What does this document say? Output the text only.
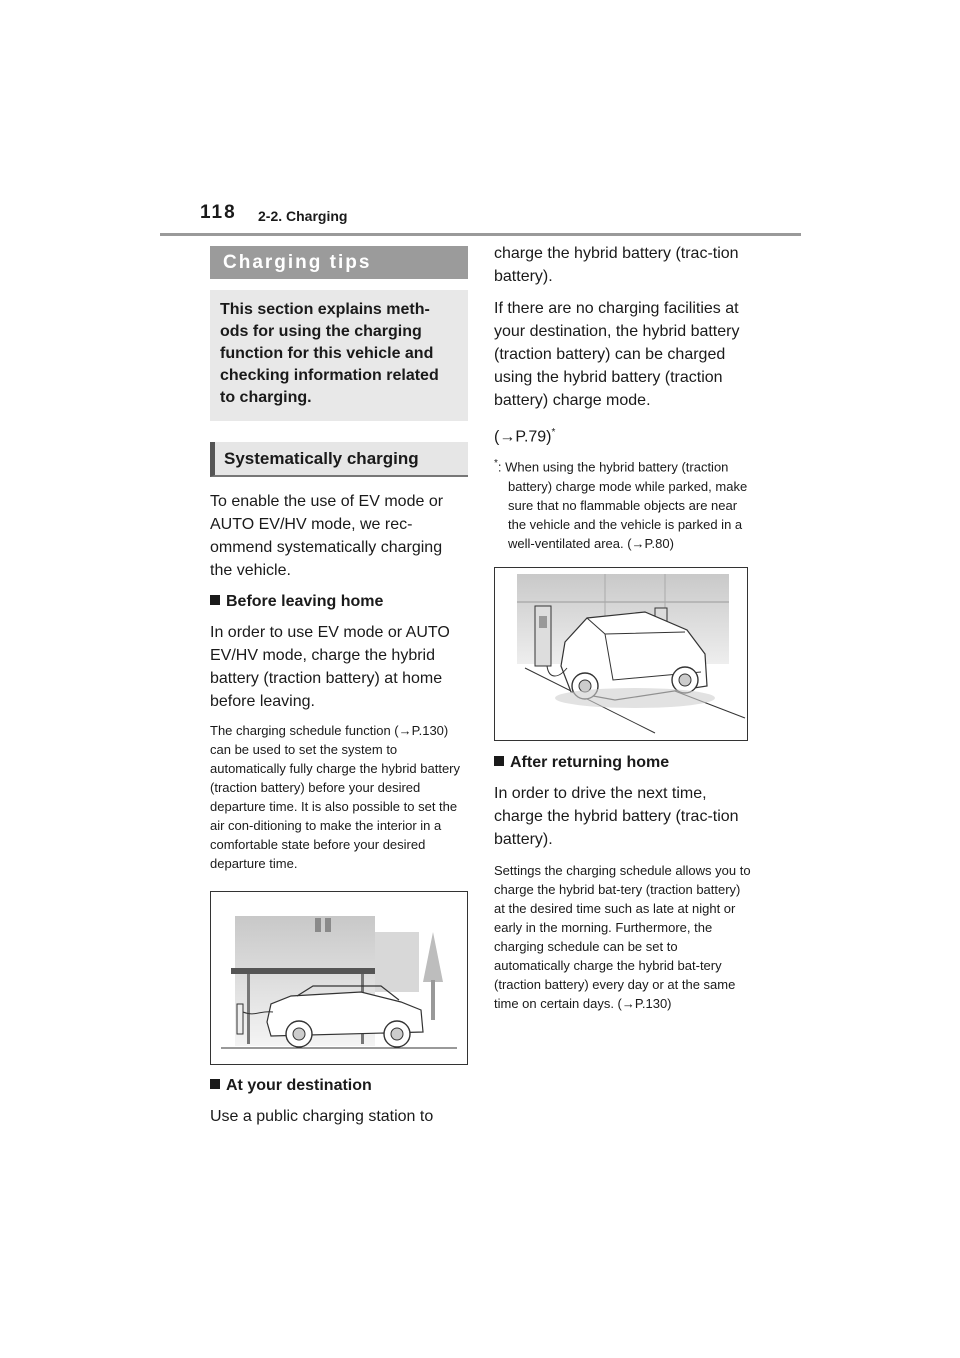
118 2-2. Charging
Charging tips
This section explains meth-ods for using the charging function for this vehicle and checking information related to charging.
Systematically charging

To enable the use of EV mode or AUTO EV/HV mode, we rec-ommend systematically charging the vehicle.

Before leaving home

In order to use EV mode or AUTO EV/HV mode, charge the hybrid battery (traction battery) at home before leaving.

The charging schedule function (→P.130) can be used to set the system to automatically fully charge the hybrid battery (traction battery) before your desired departure time. It is also possible to set the air con-ditioning to make the interior in a comfortable state before your desired departure time.

At your destination

Use a public charging station to

charge the hybrid battery (trac-tion battery).

If there are no charging facilities at your destination, the hybrid battery (traction battery) can be charged using the hybrid battery (traction battery) charge mode.

(→P.79)*

*: When using the hybrid battery (traction battery) charge mode while parked, make sure that no flammable objects are near the vehicle and the vehicle is parked in a well-ventilated area. (→P.80)

After returning home

In order to drive the next time, charge the hybrid battery (trac-tion battery).

Settings the charging schedule allows you to charge the hybrid bat-tery (traction battery) at the desired time such as late at night or early in the morning. Furthermore, the charging schedule can be set to automatically charge the hybrid bat-tery (traction battery) every day or at the same time on certain days. (→P.130)
